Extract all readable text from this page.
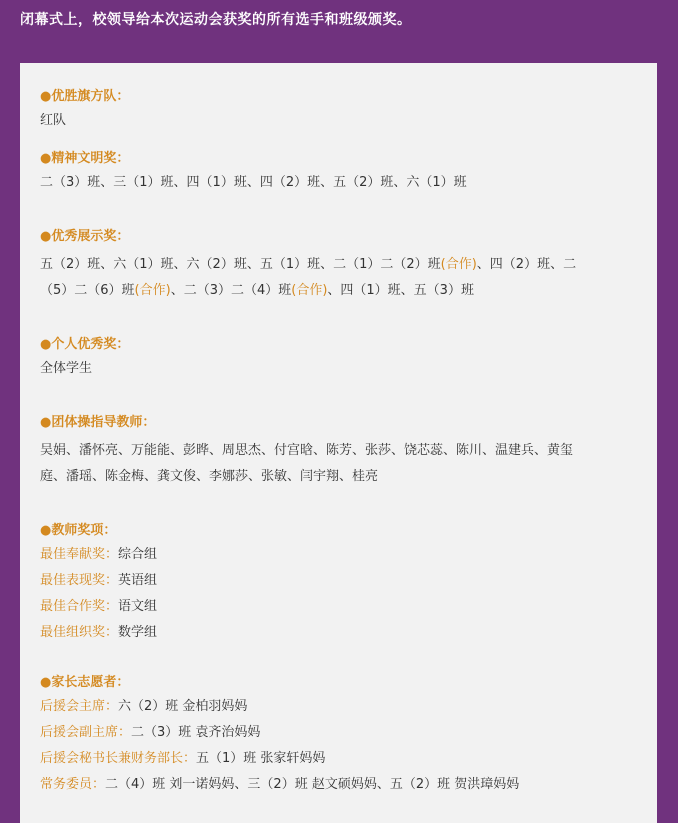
闭幕式上，校领导给本次运动会获奖的所有选手和班级颁奖。

●优胜旗方队：

红队

●精神文明奖：

二（3）班、三（1）班、四（1）班、四（2）班、五（2）班、六（1）班

●优秀展示奖：

五（2）班、六（1）班、六（2）班、五（1）班、二（1）二（2）班(合作)、四（2）班、二

（5）二（6）班(合作)、二（3）二（4）班(合作)、四（1）班、五（3）班

●个人优秀奖：

全体学生

●团体操指导教师：

吴娟、潘怀亮、万能能、彭晔、周思杰、付宫晗、陈芳、张莎、饶芯蕊、陈川、温建兵、黄玺

庭、潘瑶、陈金梅、龚文俊、李娜莎、张敏、闫宇翔、桂亮

●教师奖项：

最佳奉献奖：综合组

最佳表现奖：英语组

最佳合作奖：语文组

最佳组织奖：数学组

●家长志愿者：

后援会主席：六（2）班 金柏羽妈妈

后援会副主席：二（3）班 袁齐治妈妈

后援会秘书长兼财务部长：五（1）班 张家轩妈妈

常务委员：二（4）班 刘一诺妈妈、三（2）班 赵文硕妈妈、五（2）班 贺洪璋妈妈
